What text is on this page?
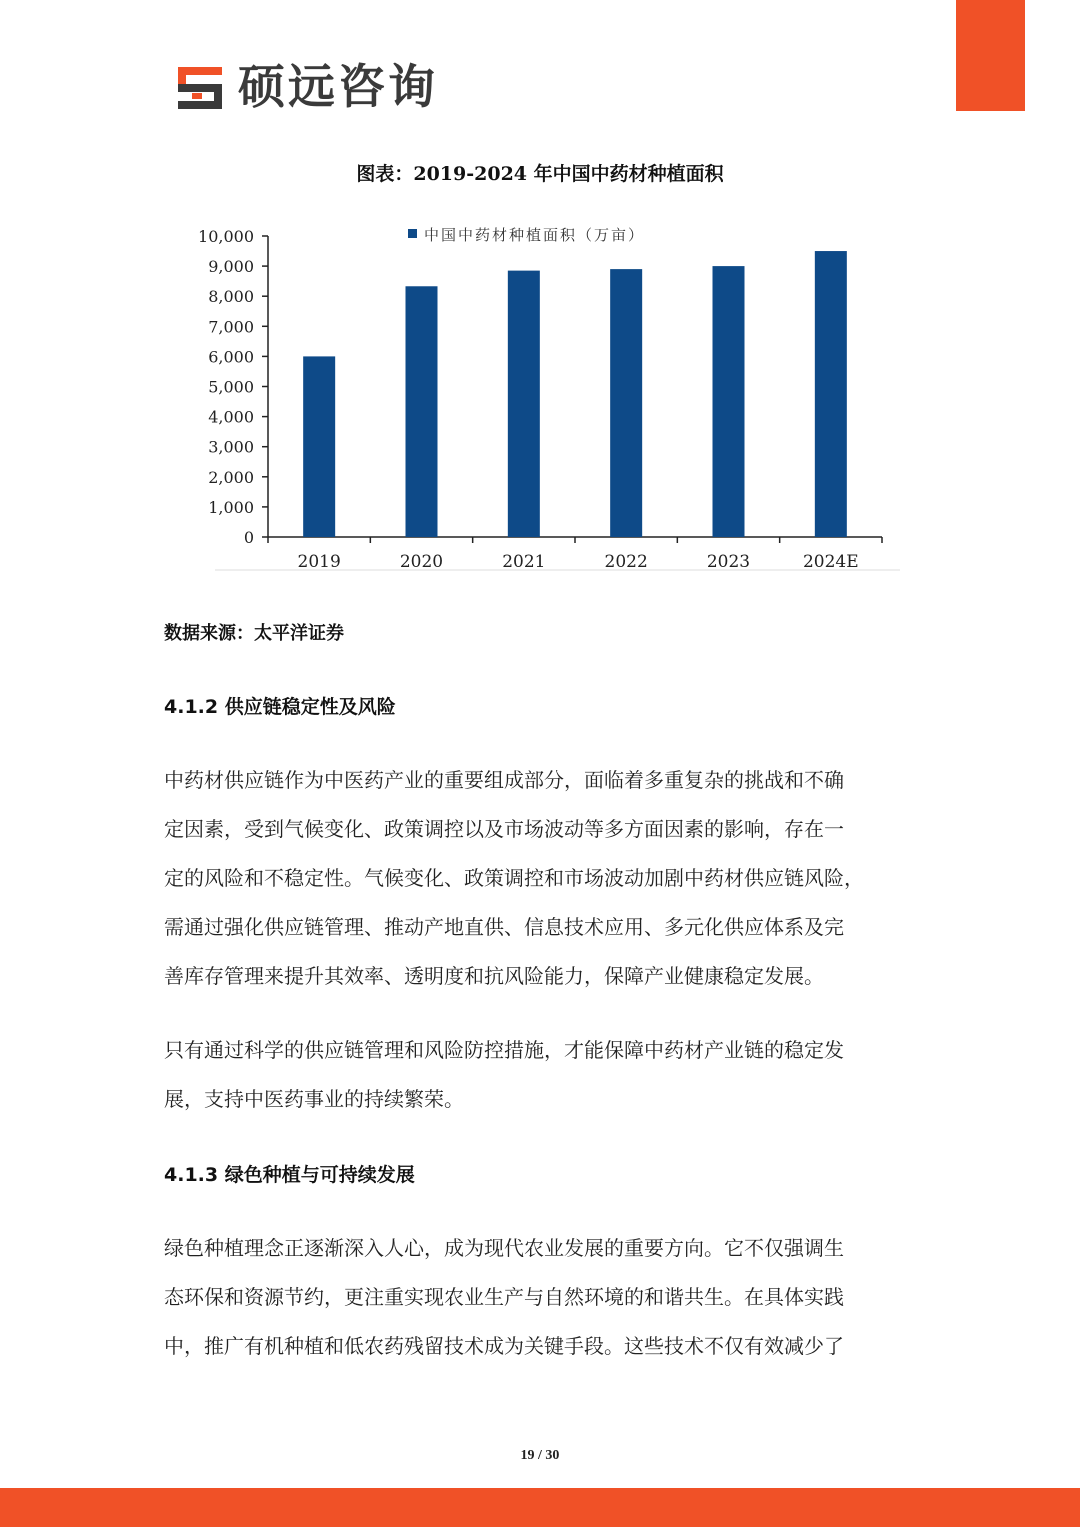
硕远咨询
图表：2019-2024 年中国中药材种植面积
0
1,000
2,000
3,000
4,000
5,000
6,000
7,000
8,000
9,000
10,000
2019	2020	2021	2022	2023	2024E
中国中药材种植面积（万亩）
数据来源：太平洋证券
4.1.2 供应链稳定性及风险
中药材供应链作为中医药产业的重要组成部分，面临着多重复杂的挑战和不确
定因素，受到气候变化、政策调控以及市场波动等多方面因素的影响，存在一
定的风险和不稳定性。气候变化、政策调控和市场波动加剧中药材供应链风险，
需通过强化供应链管理、推动产地直供、信息技术应用、多元化供应体系及完
善库存管理来提升其效率、透明度和抗风险能力，保障产业健康稳定发展。
只有通过科学的供应链管理和风险防控措施，才能保障中药材产业链的稳定发
展，支持中医药事业的持续繁荣。
4.1.3 绿色种植与可持续发展
绿色种植理念正逐渐深入人心，成为现代农业发展的重要方向。它不仅强调生
态环保和资源节约，更注重实现农业生产与自然环境的和谐共生。在具体实践
中，推广有机种植和低农药残留技术成为关键手段。这些技术不仅有效减少了
19 / 30
